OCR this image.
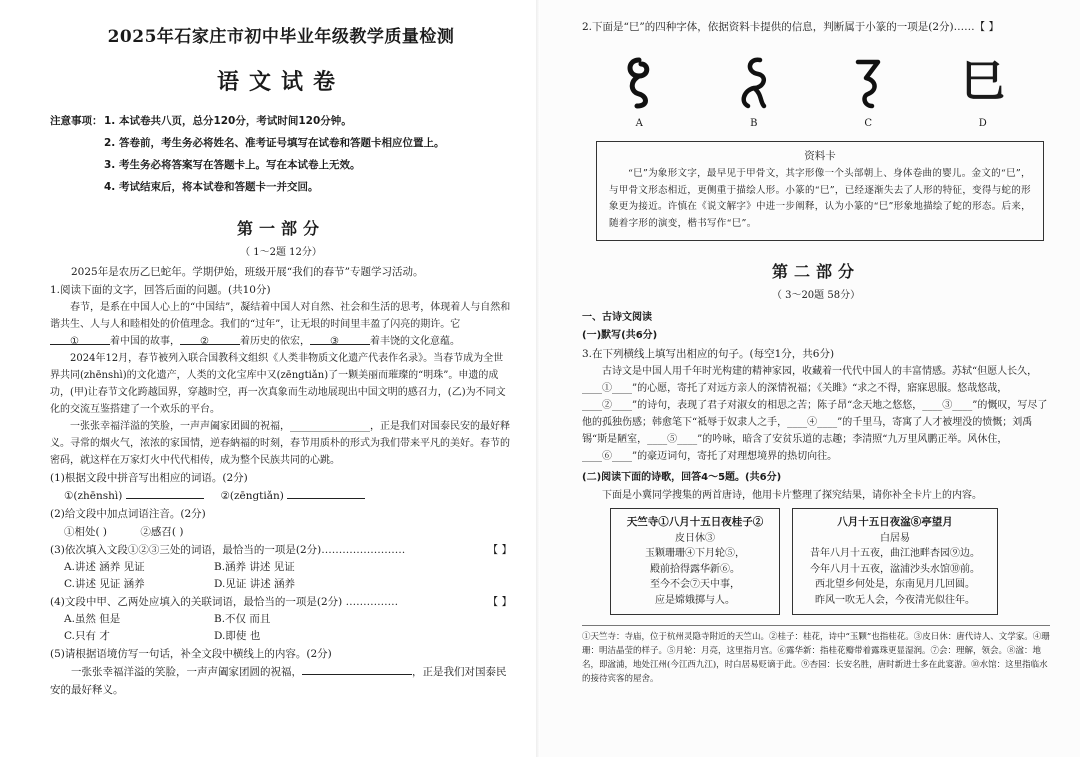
2025年石家庄市初中毕业年级教学质量检测
语文试卷
注意事项： 1. 本试卷共八页，总分120分，考试时间120分钟。
2. 答卷前，考生务必将姓名、准考证号填写在试卷和答题卡相应位置上。
3. 考生务必将答案写在答题卡上。写在本试卷上无效。
4. 考试结束后，将本试卷和答题卡一并交回。
第一部分
（ 1～2题 12分）

2025年是农历乙巳蛇年。学期伊始，班级开展“我们的春节”专题学习活动。

1.阅读下面的文字，回答后面的问题。(共10分)

春节，是系在中国人心上的“中国结”，凝结着中国人对自然、社会和生活的思考，体现着人与自然和谐共生、人与人和睦相处的价值理念。我们的“过年”，让无垠的时间里丰盈了闪亮的期许。它①	着中国的故事， ②	着历史的依宏， ③	着丰饶的文化意蕴。

2024年12月，春节被列入联合国教科文组织《人类非物质文化遗产代表作名录》。当春节成为全世界共同(zhēnshì)的文化遗产，人类的文化宝库中又(zēngtiǎn)了一颗美丽而璀璨的“明珠”。申遗的成功，(甲)让春节文化跨越国界，穿越时空，再一次真象而生动地展现出中国文明的感召力，(乙)为不同文化的交流互鉴搭建了一个欢乐的平台。

一张张幸福洋溢的笑脸，一声声阖家团圆的祝福，________________，正是我们对国泰民安的最好释义。寻常的烟火气，浓浓的家国情，逆春納福的时刻，春节用质朴的形式为我们带来平凡的美好。春节的密码，就这样在万家灯火中代代相传，成为整个民族共同的心跳。

(1)根据文段中拼音写出相应的词语。(2分)

①(zhēnshì)	②(zēngtiǎn)

(2)给文段中加点词语注音。(2分)

①相处( )	②感召( )

(3)依次填入文段①②③三处的词语，最恰当的一项是(2分)……………………	【 】

A.讲述 涵养 见证	B.涵养 讲述 见证
C.讲述 见证 涵养	D.见证 讲述 涵养

(4)文段中甲、乙两处应填入的关联词语，最恰当的一项是(2分) ……………	【 】

A.虽然 但是	B.不仅 而且
C.只有 才	D.即使 也

(5)请根据语境仿写一句话，补全文段中横线上的内容。(2分)

一张张幸福洋溢的笑脸，一声声阖家团圆的祝福，	，正是我们对国泰民安的最好释义。

2.下面是“巳”的四种字体，依据资料卡提供的信息，判断属于小篆的一项是(2分)……【 】

A	B	C
巳
D
资料卡
“巳”为象形文字，最早见于甲骨文，其字形像一个头部朝上、身体卷曲的婴儿。金文的“巳”，与甲骨文形态相近，更侧重于描绘人形。小篆的“巳”，已经逐渐失去了人形的特征，变得与蛇的形象更为接近。许慎在《说文解字》中进一步阐释，认为小篆的“巳”形象地描绘了蛇的形态。后来，随着字形的演变，楷书写作“巳”。
第二部分
（ 3～20题 58分）
一、古诗文阅读
(一)默写(共6分)

3.在下列横线上填写出相应的句子。(每空1分，共6分)

古诗文是中国人用千年时光构建的精神家园，收藏着一代代中国人的丰富情感。苏轼“但愿人长久，____①____”的心愿，寄托了对远方亲人的深情祝福；《关雎》“求之不得，寤寐思服。悠哉悠哉，____②____”的诗句，表现了君子对淑女的相思之苦；陈子昂“念天地之悠悠，____③____”的慨叹，写尽了他的孤独伤感；韩愈笔下“祗辱于奴隶人之手，____④____”的千里马，寄寓了人才被埋没的愤慨；刘禹锡“斯是陋室，____⑤____”的吟咏，暗含了安贫乐道的志趣；李清照“九万里风鹏正举。风休住，____⑥____”的豪迈词句，寄托了对理想境界的热切向往。

(二)阅读下面的诗歌，回答4～5题。(共6分)

下面是小冀同学搜集的两首唐诗，他用卡片整理了探究结果，请你补全卡片上的内容。

天竺寺①八月十五日夜桂子②
皮日休③
玉颗珊珊④下月轮⑤，
殿前拾得露华新⑥。
至今不会⑦天中事，
应是嫦娥掷与人。
八月十五日夜湓⑧亭望月
白居易
昔年八月十五夜，曲江池畔杏园⑨边。
今年八月十五夜，湓浦沙头水馆⑩前。
西北望乡何处是，东南见月几回圆。
昨风一吹无人会，今夜清光似往年。
①天竺寺：寺庙，位于杭州灵隐寺附近的天竺山。②桂子：桂花，诗中“玉颗”也指桂花。③皮日休：唐代诗人、文学家。④珊珊：明洁晶莹的样子。⑤月轮：月亮，这里指月宫。⑥露华新：指桂花瓣带着露珠更显湿润。⑦会：理解，领会。⑧湓：地名，即湓浦，地处江州(今江西九江)，时白居易贬谪于此。⑨杏园：长安名胜，唐时新进士多在此宴游。⑩水馆：这里指临水的接待宾客的屋舍。
